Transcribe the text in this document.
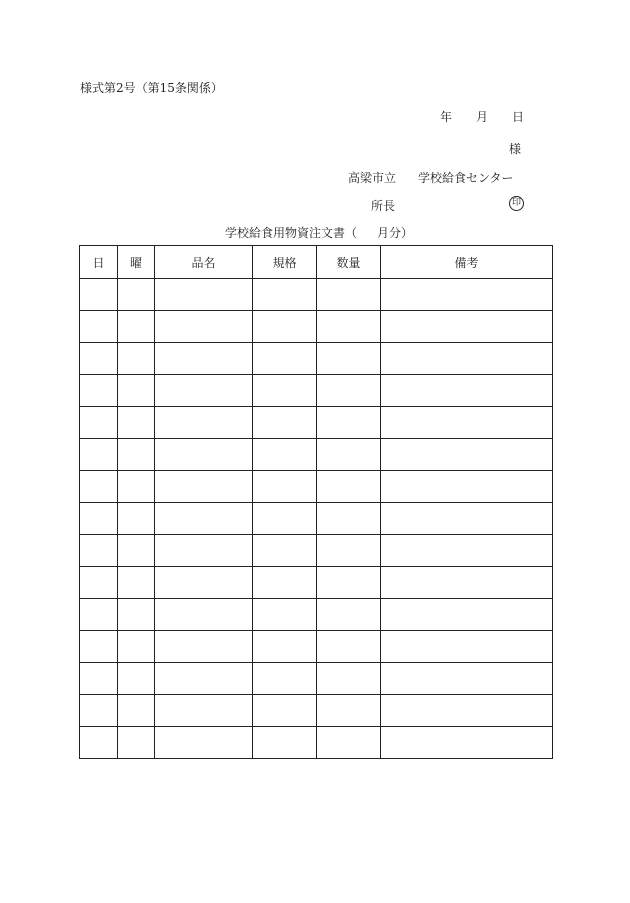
様式第2号（第15条関係）
年 月 日
様
高梁市立 学校給食センター
所長	印
学校給食用物資注文書（ 月分）
日	曜	品名	規格	数量	備考
